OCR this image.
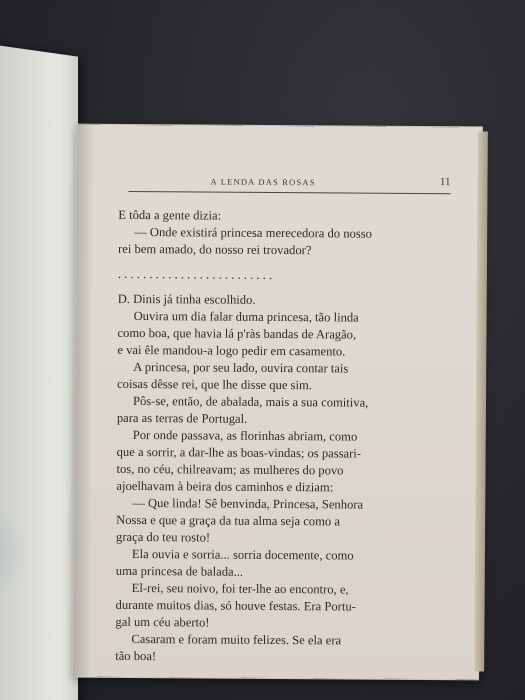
A LENDA DAS ROSAS	11
E tôda a gente dizia:
— Onde existirá princesa merecedora do nosso
rei bem amado, do nosso rei trovador?
. . . . . . . . . . . . . . . . . . . . . . . . .
D. Dinis já tinha escolhido.
Ouvira um dia falar duma princesa, tão linda
como boa, que havia lá p'ràs bandas de Aragão,
e vai êle mandou-a logo pedir em casamento.
A princesa, por seu lado, ouvira contar tais
coisas dêsse rei, que lhe disse que sim.
Pôs-se, então, de abalada, mais a sua comitiva,
para as terras de Portugal.
Por onde passava, as florinhas abriam, como
que a sorrir, a dar-lhe as boas-vindas; os passari-
tos, no céu, chilreavam; as mulheres do povo
ajoelhavam à beira dos caminhos e diziam:
— Que linda! Sê benvinda, Princesa, Senhora
Nossa e que a graça da tua alma seja como a
graça do teu rosto!
Ela ouvia e sorria... sorria docemente, como
uma princesa de balada...
El-rei, seu noivo, foi ter-lhe ao encontro, e,
durante muitos dias, só houve festas. Era Portu-
gal um céu aberto!
Casaram e foram muito felizes. Se ela era
tão boa!
